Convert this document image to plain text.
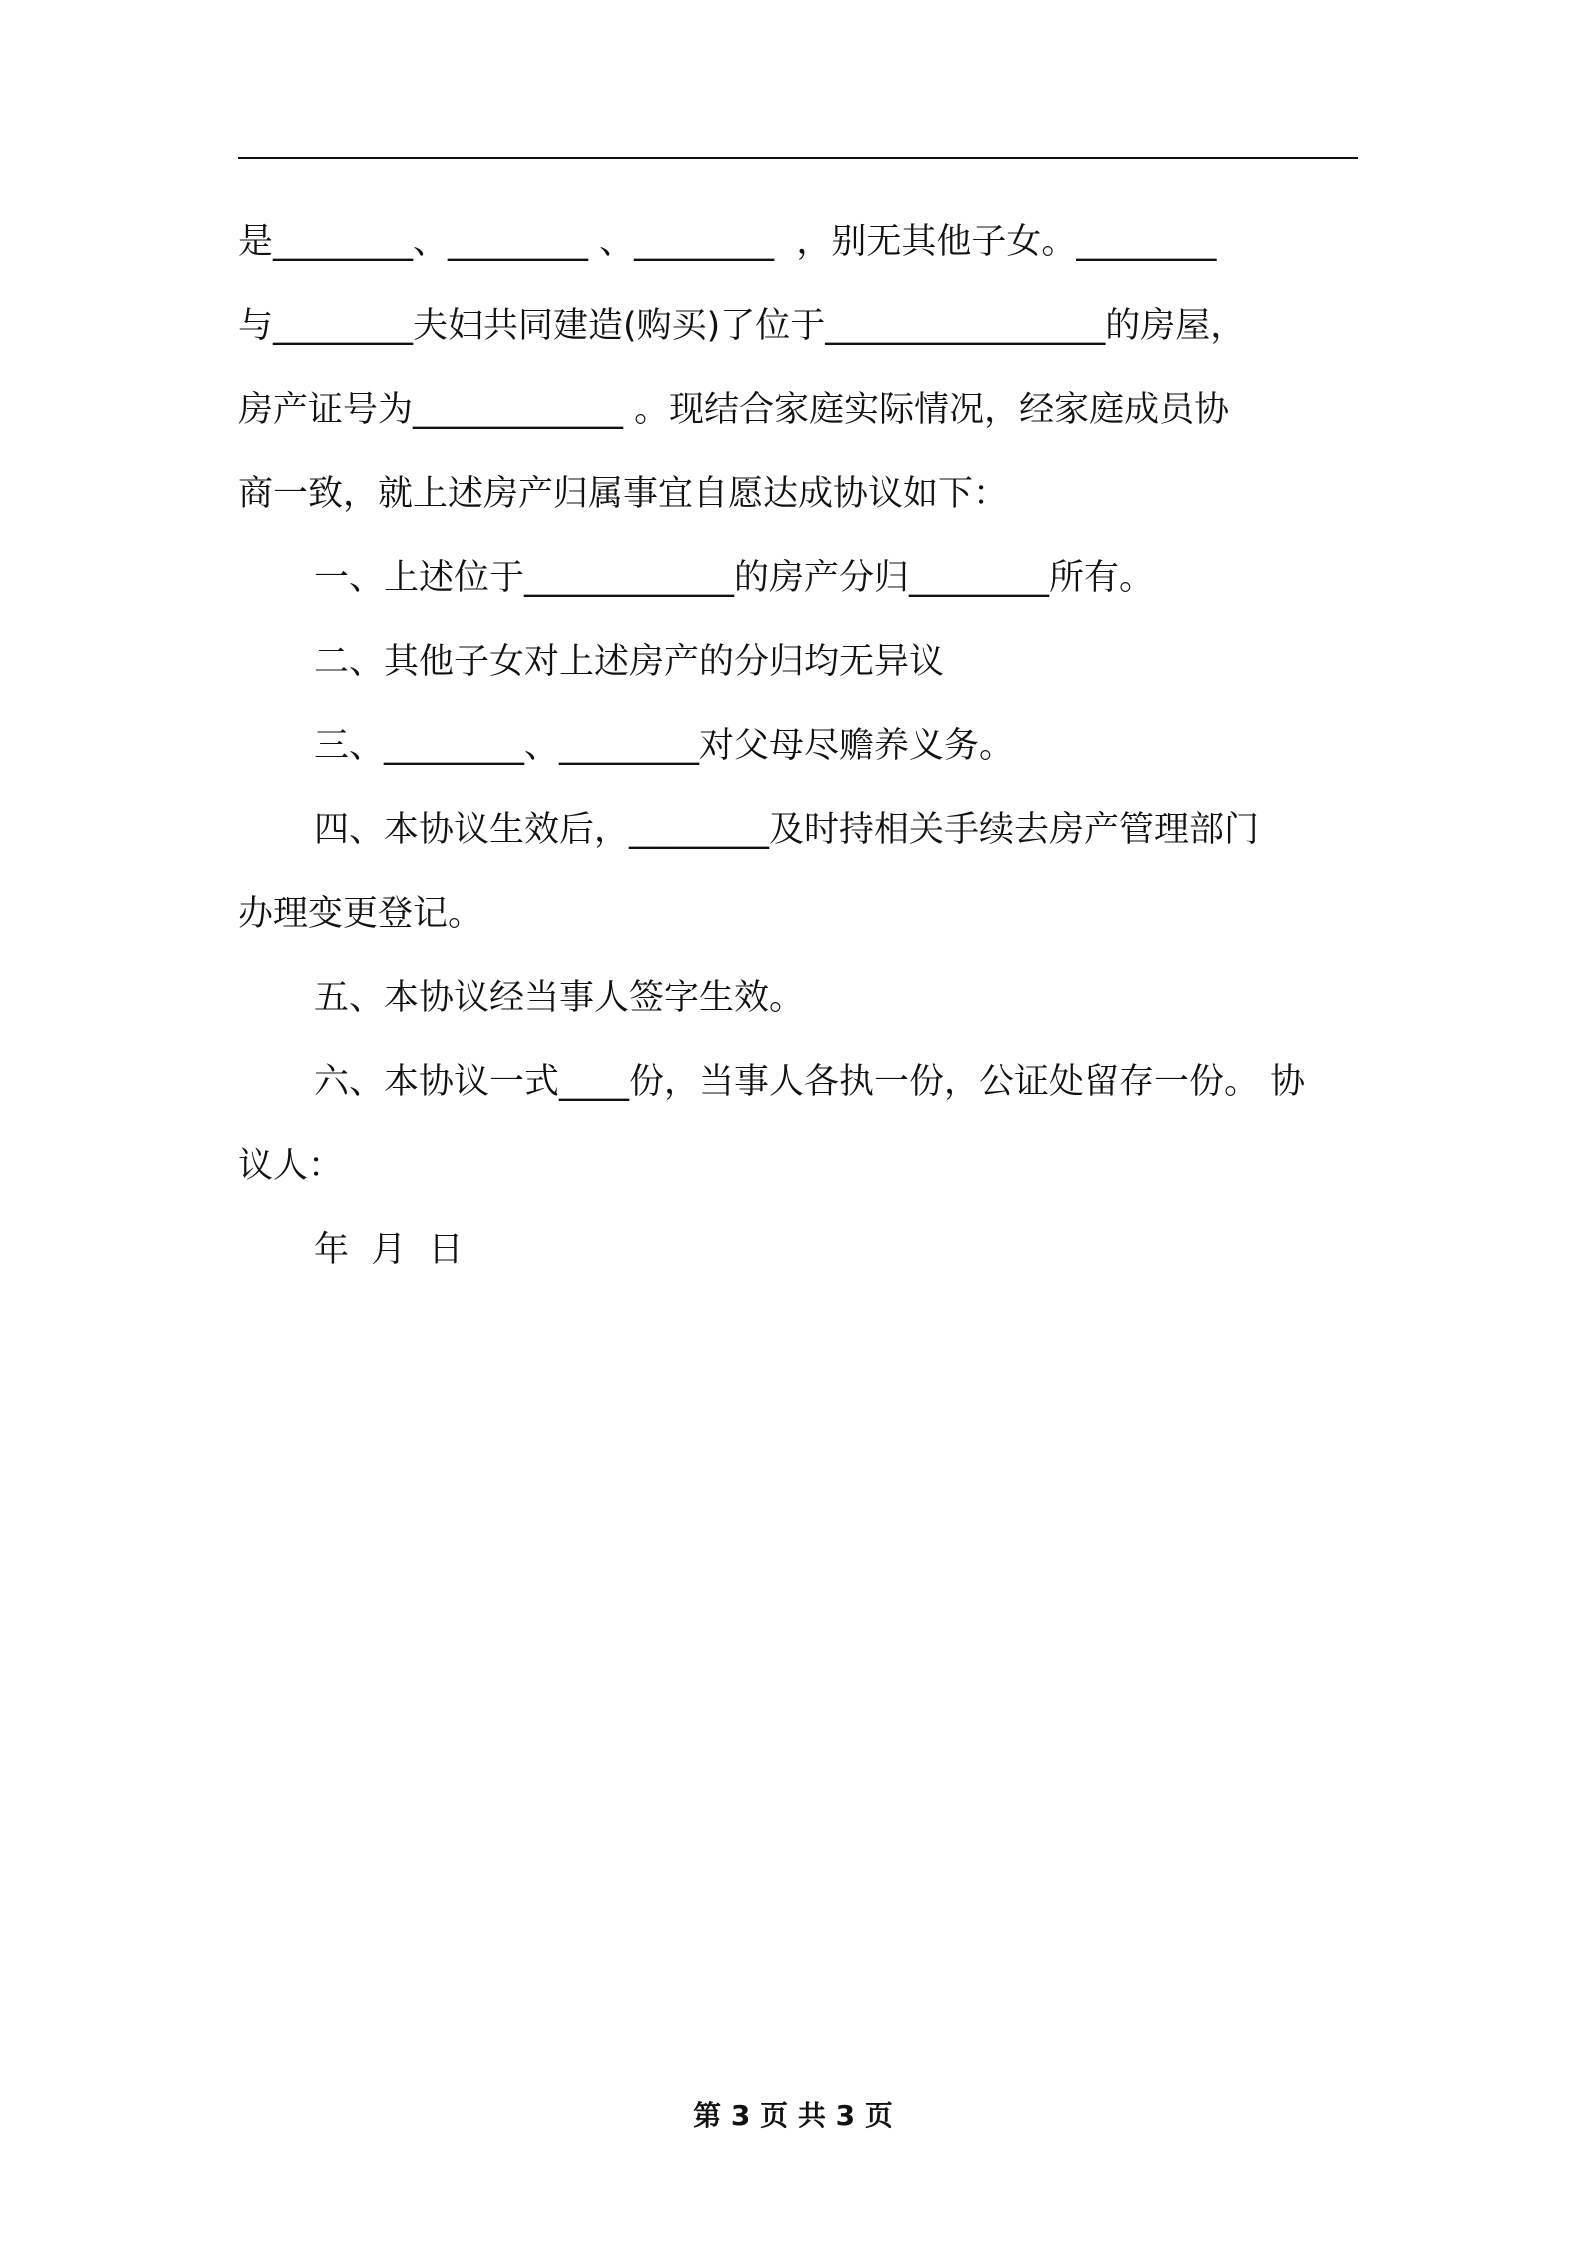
是________、________ 、________  ，别无其他子女。________
与________夫妇共同建造(购买)了位于________________的房屋，
房产证号为____________ 。现结合家庭实际情况，经家庭成员协
商一致，就上述房产归属事宜自愿达成协议如下：
一、上述位于____________的房产分归________所有。
二、其他子女对上述房产的分归均无异议
三、________、________对父母尽赡养义务。
四、本协议生效后，________及时持相关手续去房产管理部门
办理变更登记。
五、本协议经当事人签字生效。
六、本协议一式____份，当事人各执一份，公证处留存一份。 协
议人：
年  月  日
第 3 页 共 3 页
